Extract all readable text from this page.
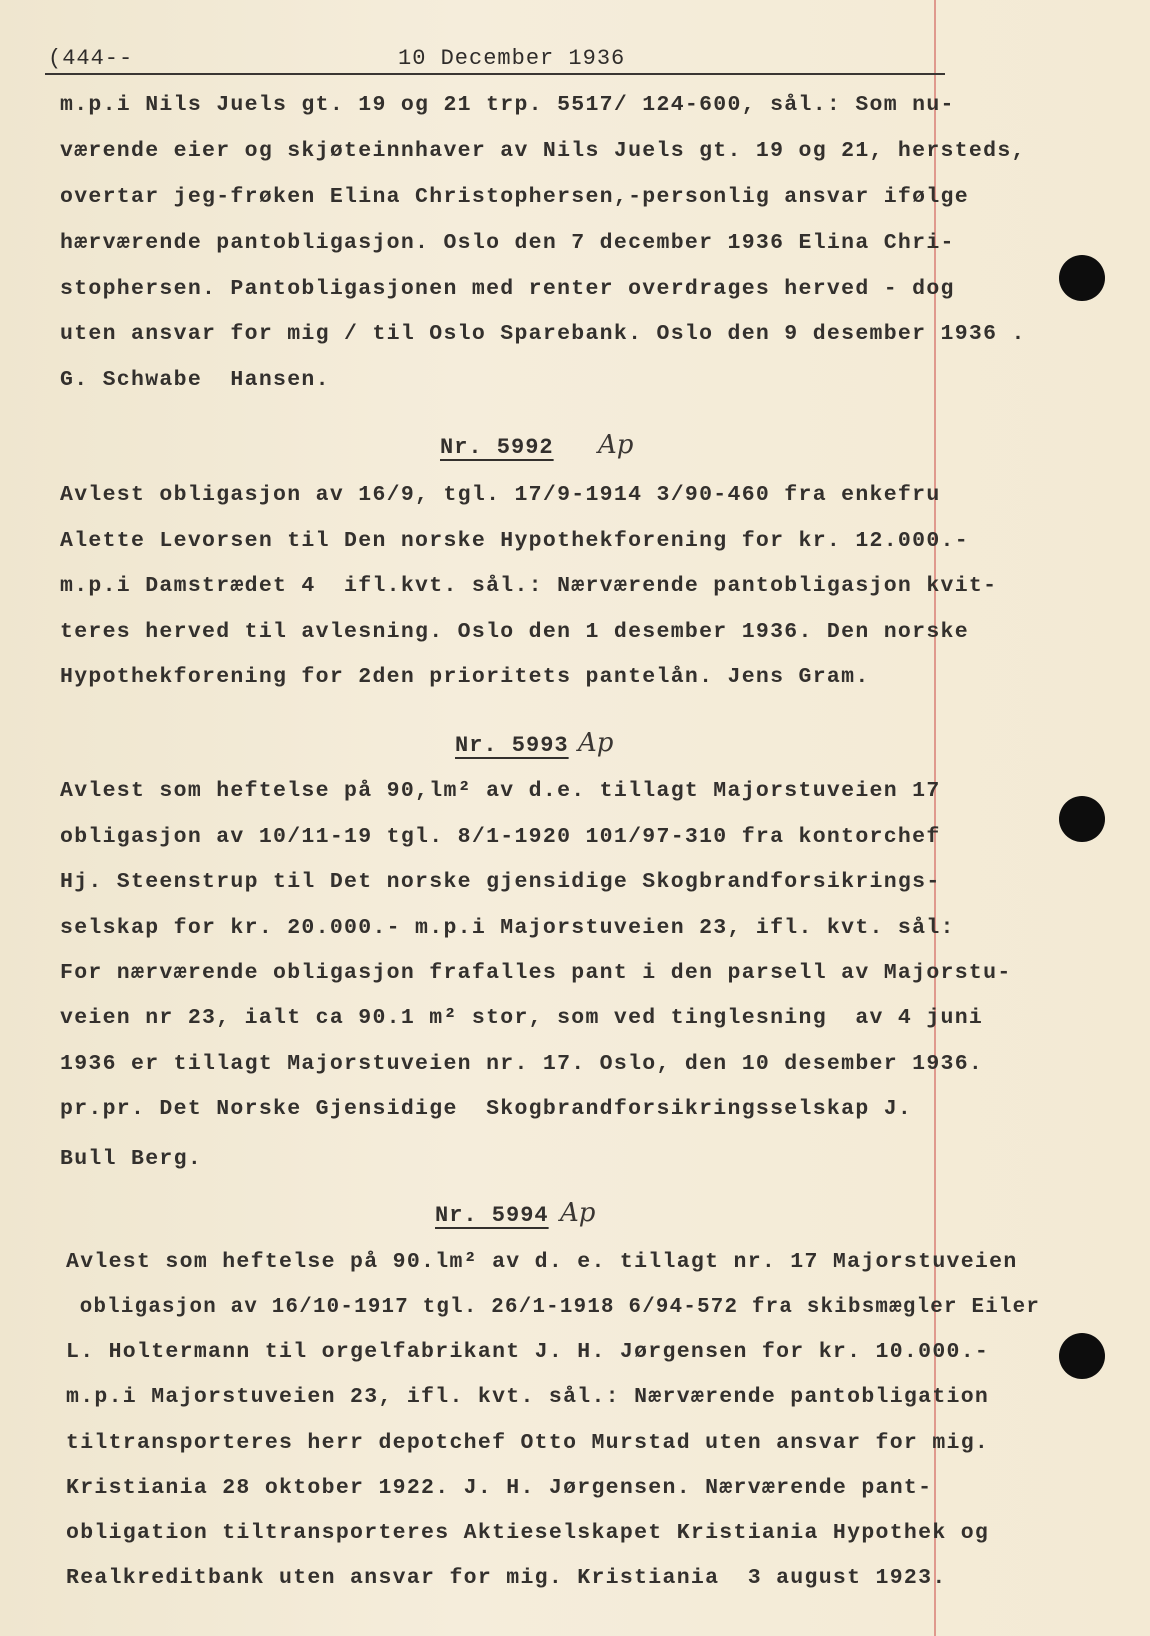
(444--	10 December 1936
m.p.i Nils Juels gt. 19 og 21 trp. 5517/ 124-600, sål.: Som nu-
værende eier og skjøteinnhaver av Nils Juels gt. 19 og 21, hersteds,
overtar jeg-frøken Elina Christophersen,-personlig ansvar ifølge
hærværende pantobligasjon. Oslo den 7 december 1936 Elina Chri-
stophersen. Pantobligasjonen med renter overdrages herved - dog
uten ansvar for mig / til Oslo Sparebank. Oslo den 9 desember 1936 .
G. Schwabe  Hansen.
Nr. 5992 Ap
Avlest obligasjon av 16/9, tgl. 17/9-1914 3/90-460 fra enkefru
Alette Levorsen til Den norske Hypothekforening for kr. 12.000.-
m.p.i Damstrædet 4  ifl.kvt. sål.: Nærværende pantobligasjon kvit-
teres herved til avlesning. Oslo den 1 desember 1936. Den norske
Hypothekforening for 2den prioritets pantelån. Jens Gram.
Nr. 5993 Ap
Avlest som heftelse på 90,lm² av d.e. tillagt Majorstuveien 17
obligasjon av 10/11-19 tgl. 8/1-1920 101/97-310 fra kontorchef
Hj. Steenstrup til Det norske gjensidige Skogbrandforsikrings-
selskap for kr. 20.000.- m.p.i Majorstuveien 23, ifl. kvt. sål:
For nærværende obligasjon frafalles pant i den parsell av Majorstu-
veien nr 23, ialt ca 90.1 m² stor, som ved tinglesning  av 4 juni
1936 er tillagt Majorstuveien nr. 17. Oslo, den 10 desember 1936.
pr.pr. Det Norske Gjensidige  Skogbrandforsikringsselskap J.
Bull Berg.
Nr. 5994 Ap
Avlest som heftelse på 90.lm² av d. e. tillagt nr. 17 Majorstuveien
obligasjon av 16/10-1917 tgl. 26/1-1918 6/94-572 fra skibsmægler Eiler
L. Holtermann til orgelfabrikant J. H. Jørgensen for kr. 10.000.-
m.p.i Majorstuveien 23, ifl. kvt. sål.: Nærværende pantobligation
tiltransporteres herr depotchef Otto Murstad uten ansvar for mig.
Kristiania 28 oktober 1922. J. H. Jørgensen. Nærværende pant-
obligation tiltransporteres Aktieselskapet Kristiania Hypothek og
Realkreditbank uten ansvar for mig. Kristiania  3 august 1923.
